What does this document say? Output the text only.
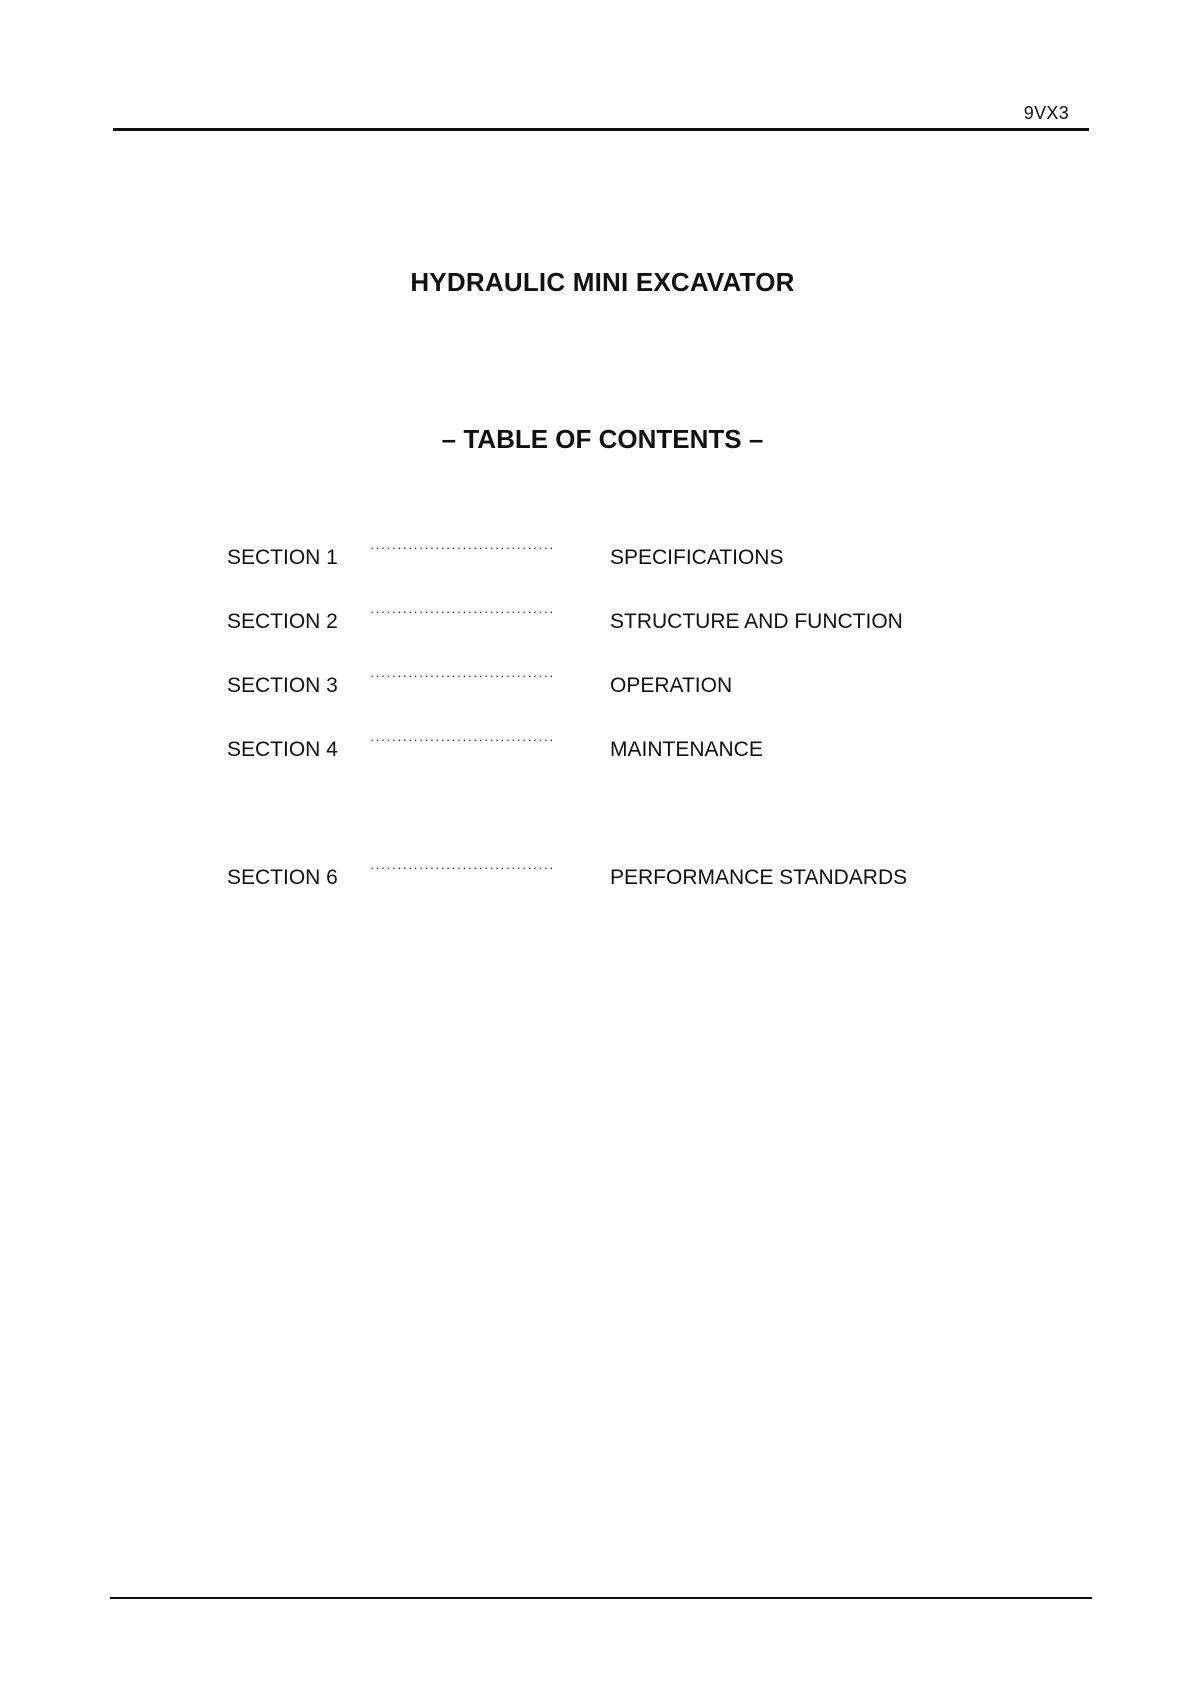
9VX3
HYDRAULIC MINI EXCAVATOR
– TABLE OF CONTENTS –
SECTION 1 ··································	SPECIFICATIONS
SECTION 2 ··································	STRUCTURE AND FUNCTION
SECTION 3 ··································	OPERATION
SECTION 4 ··································	MAINTENANCE
SECTION 6 ··································	PERFORMANCE STANDARDS
